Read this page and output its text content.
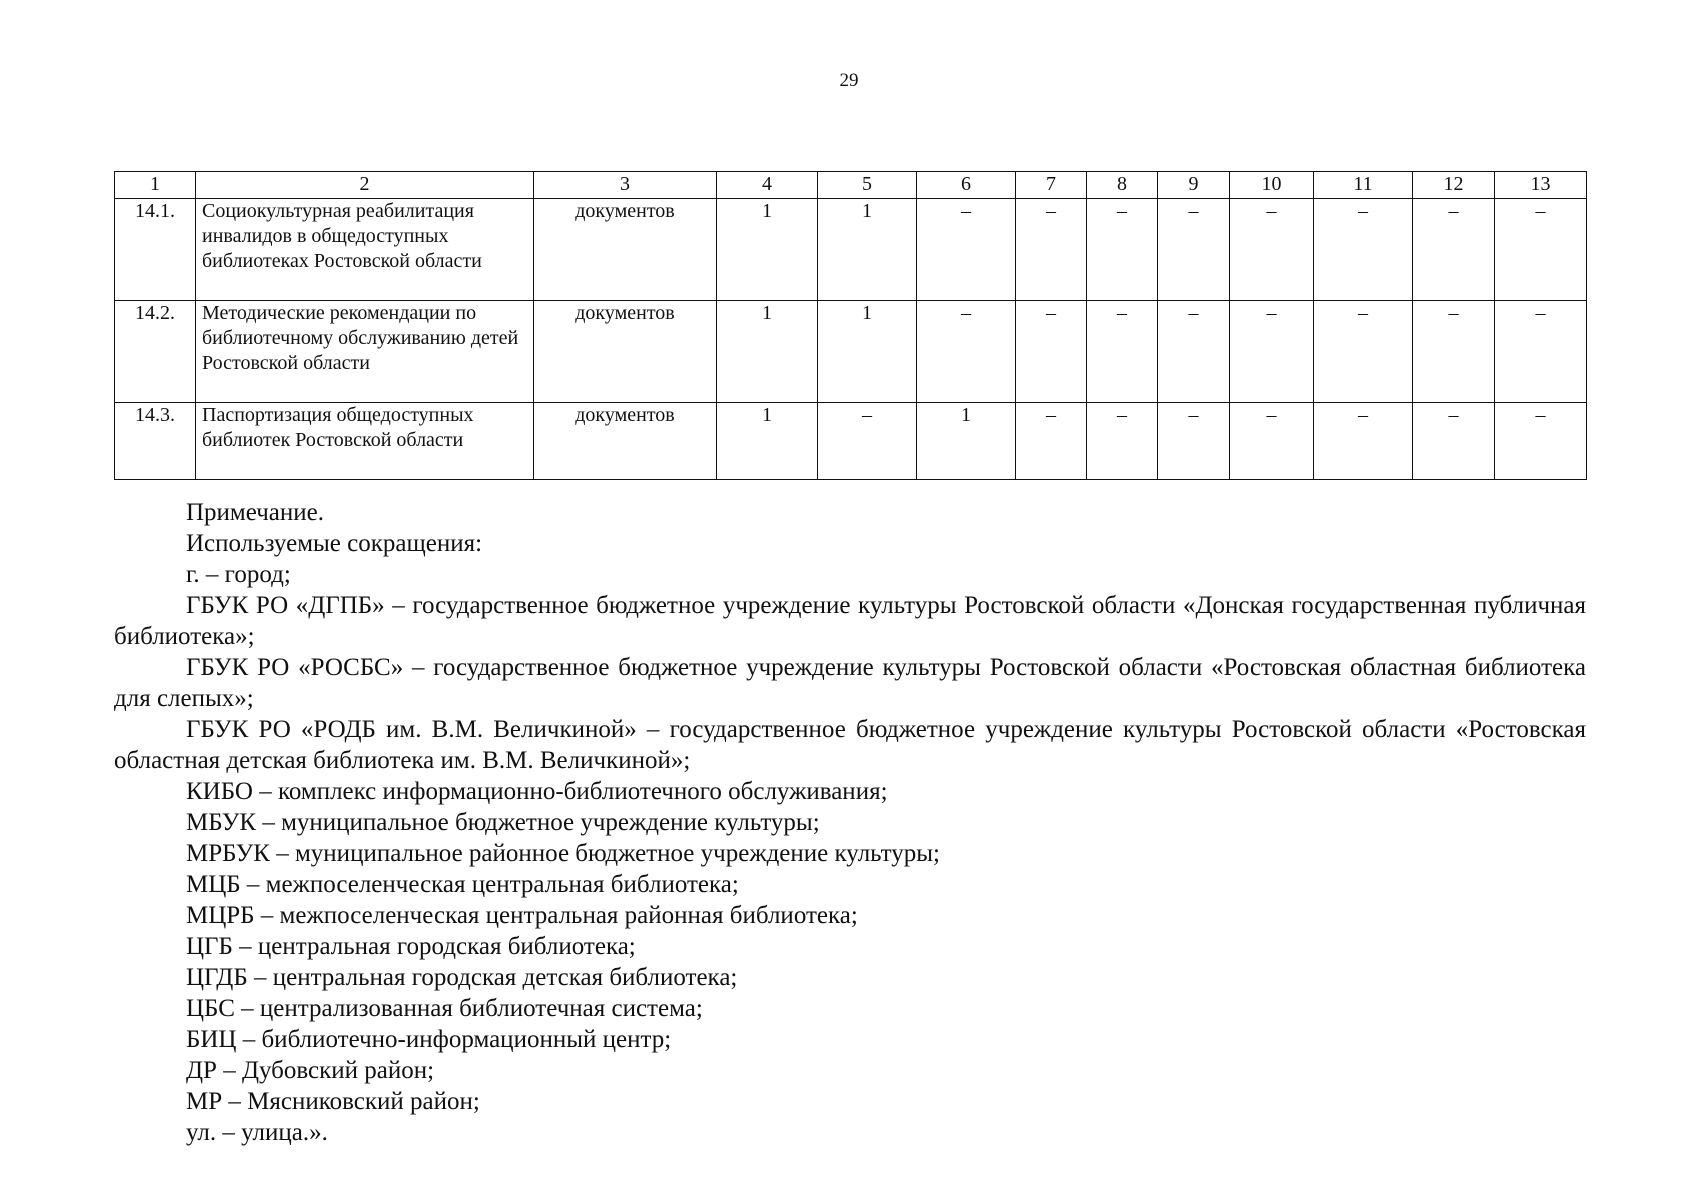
29
1	2	3	4	5	6	7	8	9	10	11	12	13
14.1.	Социокультурная реабилитация инвалидов в общедоступных библиотеках Ростовской области	документов	1	1	–	–	–	–	–	–	–	–
14.2.	Методические рекомендации по библиотечному обслуживанию детей Ростовской области	документов	1	1	–	–	–	–	–	–	–	–
14.3.	Паспортизация общедоступных библиотек Ростовской области	документов	1	–	1	–	–	–	–	–	–	–

Примечание.

Используемые сокращения:

г. – город;

ГБУК РО «ДГПБ» – государственное бюджетное учреждение культуры Ростовской области «Донская государственная публичная библиотека»;

ГБУК РО «РОСБС» – государственное бюджетное учреждение культуры Ростовской области «Ростовская областная библиотека для слепых»;

ГБУК РО «РОДБ им. В.М. Величкиной» – государственное бюджетное учреждение культуры Ростовской области «Ростовская областная детская библиотека им. В.М. Величкиной»;

КИБО – комплекс информационно-библиотечного обслуживания;

МБУК – муниципальное бюджетное учреждение культуры;

МРБУК – муниципальное районное бюджетное учреждение культуры;

МЦБ – межпоселенческая центральная библиотека;

МЦРБ – межпоселенческая центральная районная библиотека;

ЦГБ – центральная городская библиотека;

ЦГДБ – центральная городская детская библиотека;

ЦБС – централизованная библиотечная система;

БИЦ – библиотечно-информационный центр;

ДР – Дубовский район;

МР – Мясниковский район;

ул. – улица.».
